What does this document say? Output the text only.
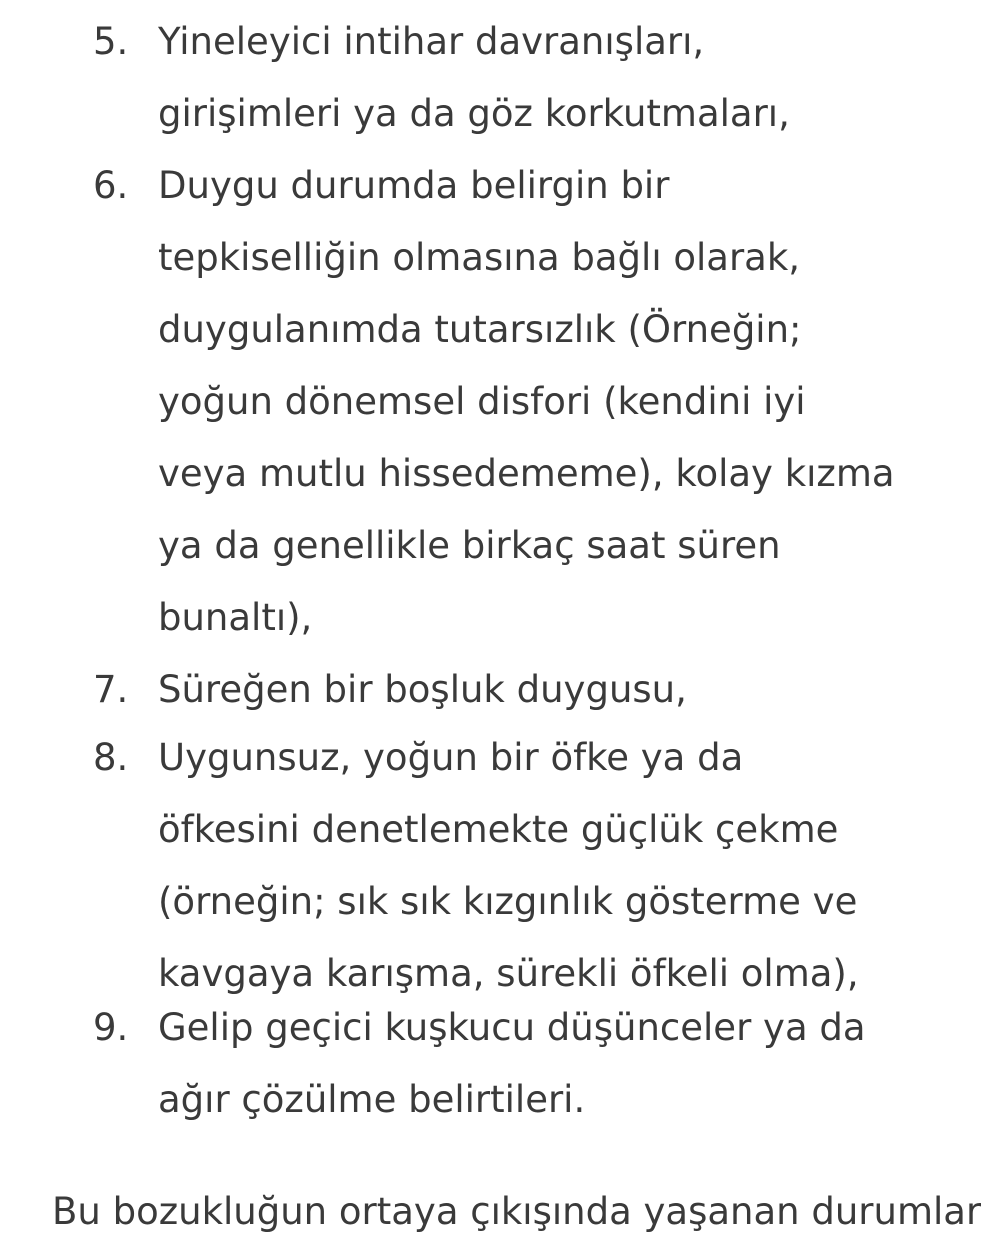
5. Yineleyici intihar davranışları,
girişimleri ya da göz korkutmaları,
6. Duygu durumda belirgin bir
tepkiselliğin olmasına bağlı olarak,
duygulanımda tutarsızlık (Örneğin;
yoğun dönemsel disfori (kendini iyi
veya mutlu hissedememe), kolay kızma
ya da genellikle birkaç saat süren
bunaltı),
7. Süreğen bir boşluk duygusu,
8. Uygunsuz, yoğun bir öfke ya da
öfkesini denetlemekte güçlük çekme
(örneğin; sık sık kızgınlık gösterme ve
kavgaya karışma, sürekli öfkeli olma),
9. Gelip geçici kuşkucu düşünceler ya da
ağır çözülme belirtileri.
Bu bozukluğun ortaya çıkışında yaşanan durumlar
